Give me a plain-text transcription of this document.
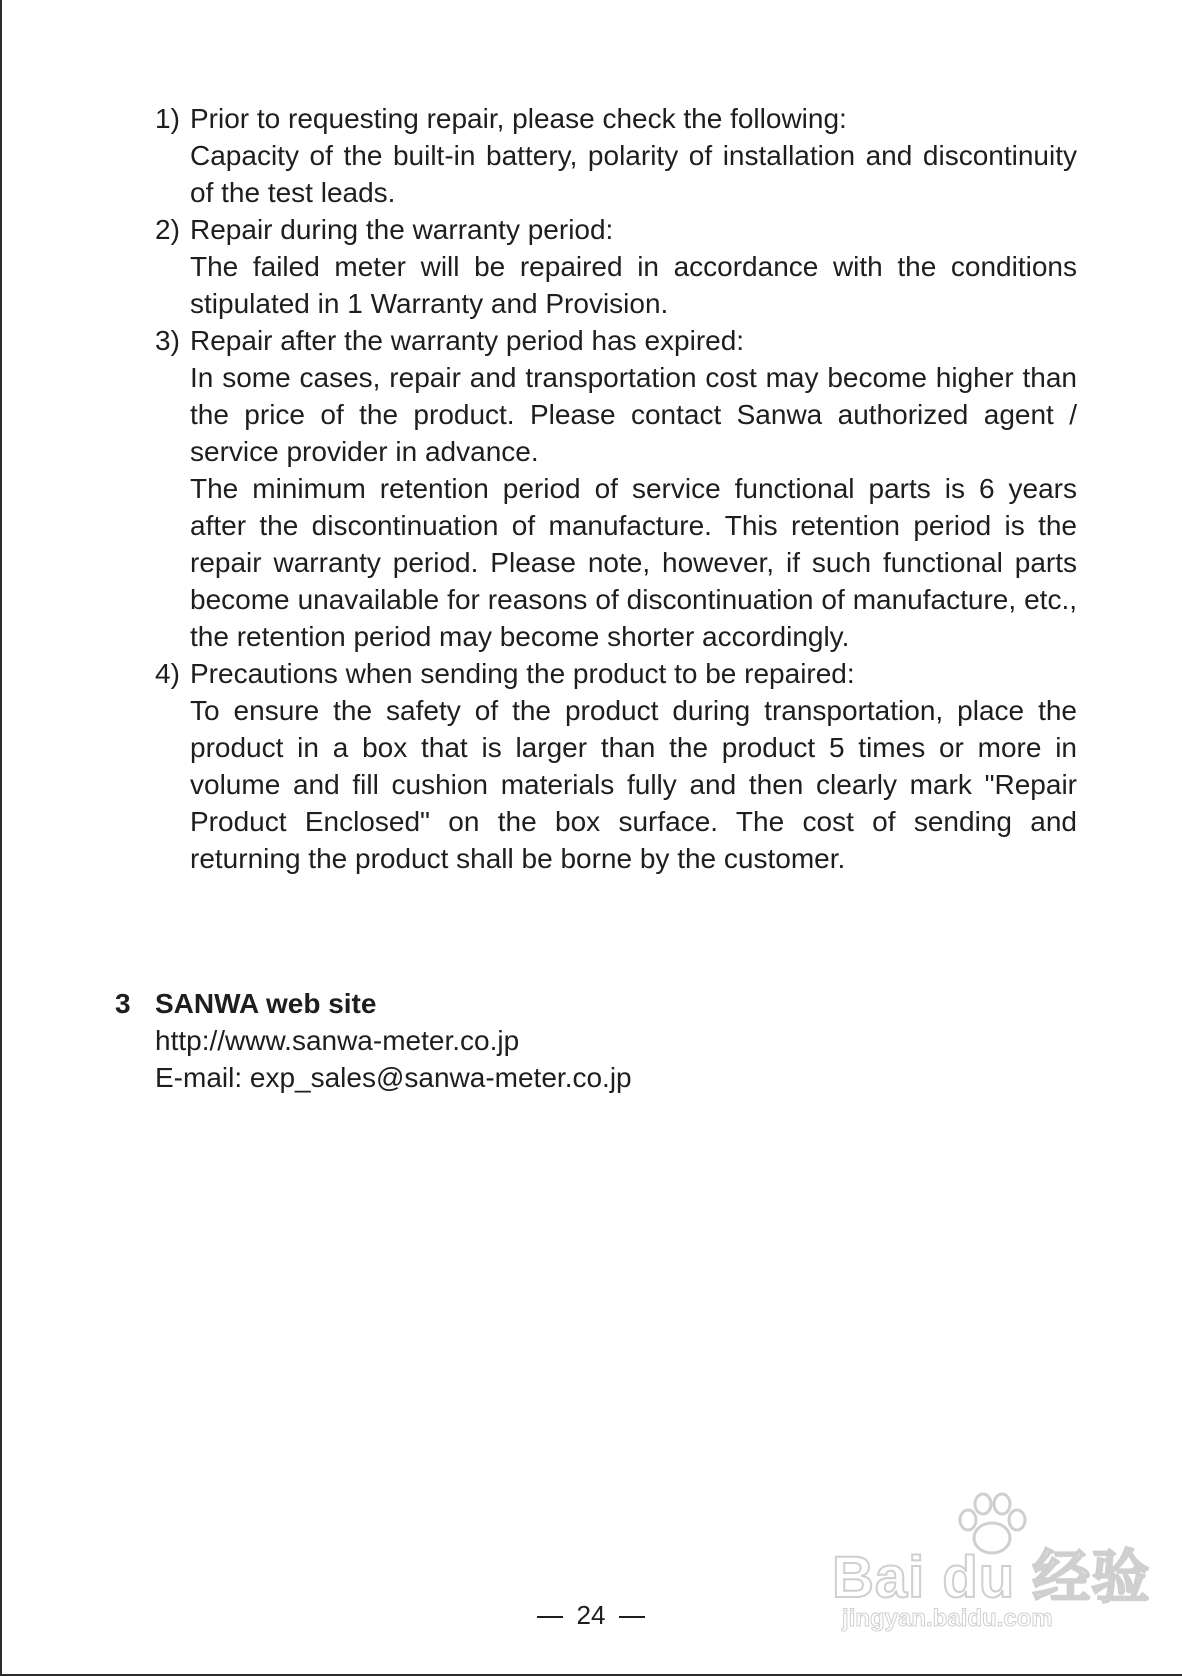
1) Prior to requesting repair, please check the following:

Capacity of the built-in battery, polarity of installation and discontinuity of the test leads.

2) Repair during the warranty period:

The failed meter will be repaired in accordance with the conditions stipulated in 1 Warranty and Provision.

3) Repair after the warranty period has expired:

In some cases, repair and transportation cost may become higher than the price of the product. Please contact Sanwa authorized agent / service provider in advance.

The minimum retention period of service functional parts is 6 years after the discontinuation of manufacture. This retention period is the repair warranty period. Please note, however, if such functional parts become unavailable for reasons of discontinuation of manufacture, etc., the retention period may become shorter accordingly.

4) Precautions when sending the product to be repaired:

To ensure the safety of the product during transportation, place the product in a box that is larger than the product 5 times or more in volume and fill cushion materials fully and then clearly mark "Repair Product Enclosed" on the box surface. The cost of sending and returning the product shall be borne by the customer.

3 SANWA web site
http://www.sanwa-meter.co.jp
E-mail: exp_sales@sanwa-meter.co.jp
Bai du 经验
jingyan.baidu.com
24
